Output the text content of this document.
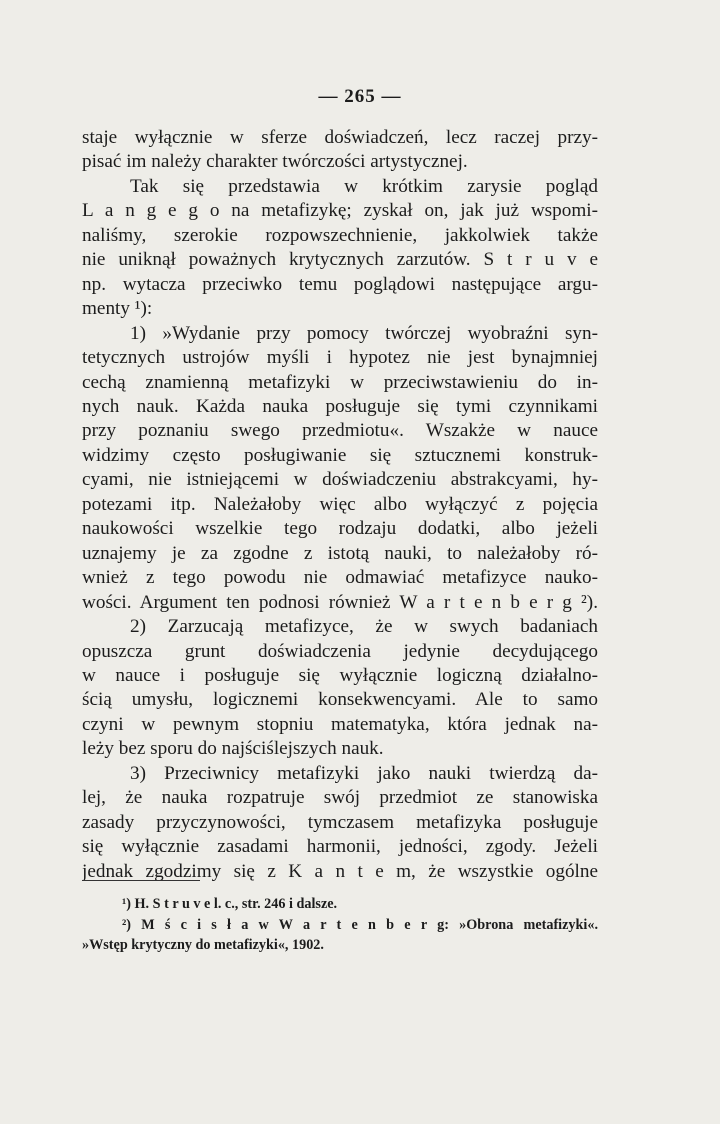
— 265 —
staje wyłącznie w sferze doświadczeń, lecz raczej przy-
pisać im należy charakter twórczości artystycznej.
Tak się przedstawia w krótkim zarysie pogląd
L a n g e g o na metafizykę; zyskał on, jak już wspomi-
naliśmy, szerokie rozpowszechnienie, jakkolwiek także
nie uniknął poważnych krytycznych zarzutów. S t r u v e
np. wytacza przeciwko temu poglądowi następujące argu-
menty ¹):
1) »Wydanie przy pomocy twórczej wyobraźni syn-
tetycznych ustrojów myśli i hypotez nie jest bynajmniej
cechą znamienną metafizyki w przeciwstawieniu do in-
nych nauk. Każda nauka posługuje się tymi czynnikami
przy poznaniu swego przedmiotu«. Wszakże w nauce
widzimy często posługiwanie się sztucznemi konstruk-
cyami, nie istniejącemi w doświadczeniu abstrakcyami, hy-
potezami itp. Należałoby więc albo wyłączyć z pojęcia
naukowości wszelkie tego rodzaju dodatki, albo jeżeli
uznajemy je za zgodne z istotą nauki, to należałoby ró-
wnież z tego powodu nie odmawiać metafizyce nauko-
wości. Argument ten podnosi również W a r t e n b e r g ²).
2) Zarzucają metafizyce, że w swych badaniach
opuszcza grunt doświadczenia jedynie decydującego
w nauce i posługuje się wyłącznie logiczną działalno-
ścią umysłu, logicznemi konsekwencyami. Ale to samo
czyni w pewnym stopniu matematyka, która jednak na-
leży bez sporu do najściślejszych nauk.
3) Przeciwnicy metafizyki jako nauki twierdzą da-
lej, że nauka rozpatruje swój przedmiot ze stanowiska
zasady przyczynowości, tymczasem metafizyka posługuje
się wyłącznie zasadami harmonii, jedności, zgody. Jeżeli
jednak zgodzimy się z K a n t e m, że wszystkie ogólne
¹) H. S t r u v e l. c., str. 246 i dalsze.
²) M ś c i s ł a w W a r t e n b e r g: »Obrona metafizyki«.
»Wstęp krytyczny do metafizyki«, 1902.
